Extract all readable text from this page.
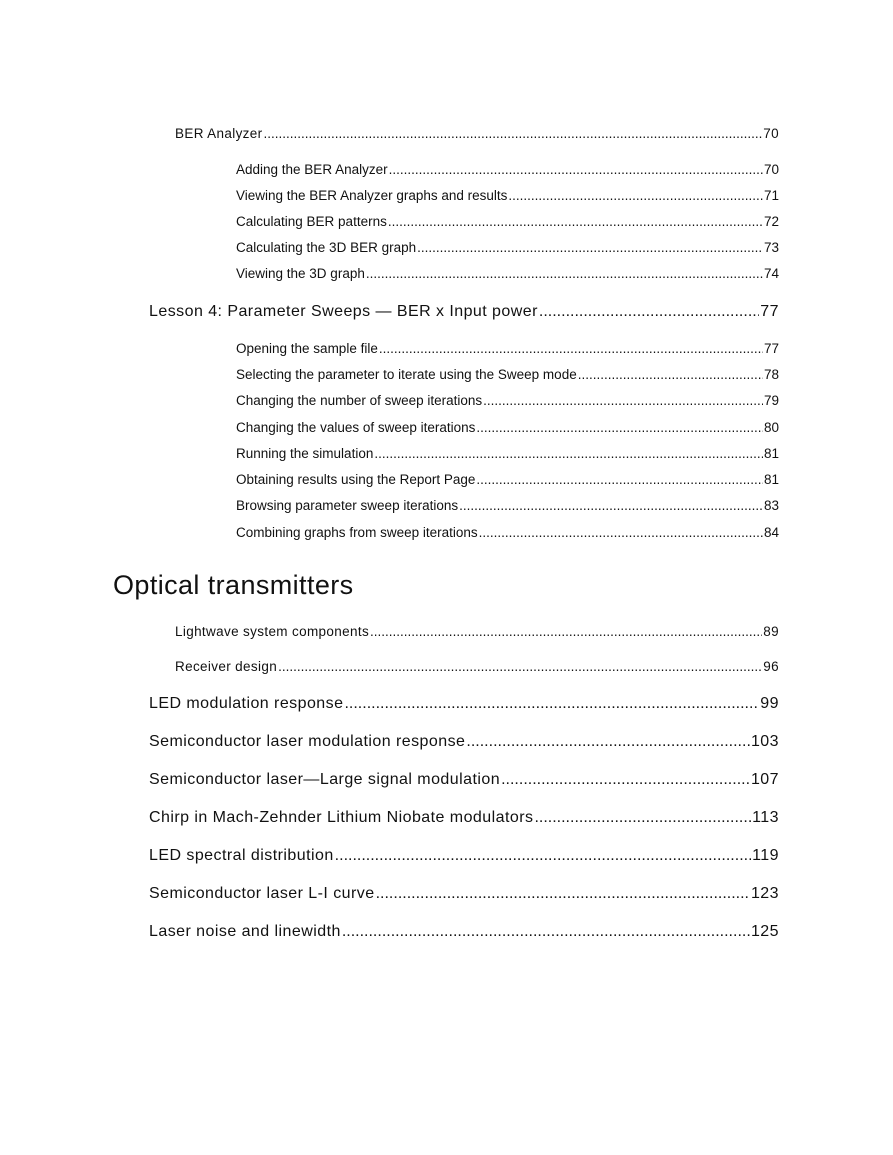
BER Analyzer .....	70
Adding the BER Analyzer .....	70
Viewing the BER Analyzer graphs and results .....	71
Calculating BER patterns .....	72
Calculating the 3D BER graph .....	73
Viewing the 3D graph .....	74
Lesson 4: Parameter Sweeps — BER x Input power .....	77
Opening the sample file .....	77
Selecting the parameter to iterate using the Sweep mode .....	78
Changing the number of sweep iterations .....	79
Changing the values of sweep iterations .....	80
Running the simulation .....	81
Obtaining results using the Report Page .....	81
Browsing parameter sweep iterations .....	83
Combining graphs from sweep iterations .....	84
Optical transmitters
Lightwave system components .....	89
Receiver design .....	96
LED modulation response .....	99
Semiconductor laser modulation response .....	103
Semiconductor laser—Large signal modulation .....	107
Chirp in Mach-Zehnder Lithium Niobate modulators .....	113
LED spectral distribution .....	119
Semiconductor laser L-I curve .....	123
Laser noise and linewidth .....	125
